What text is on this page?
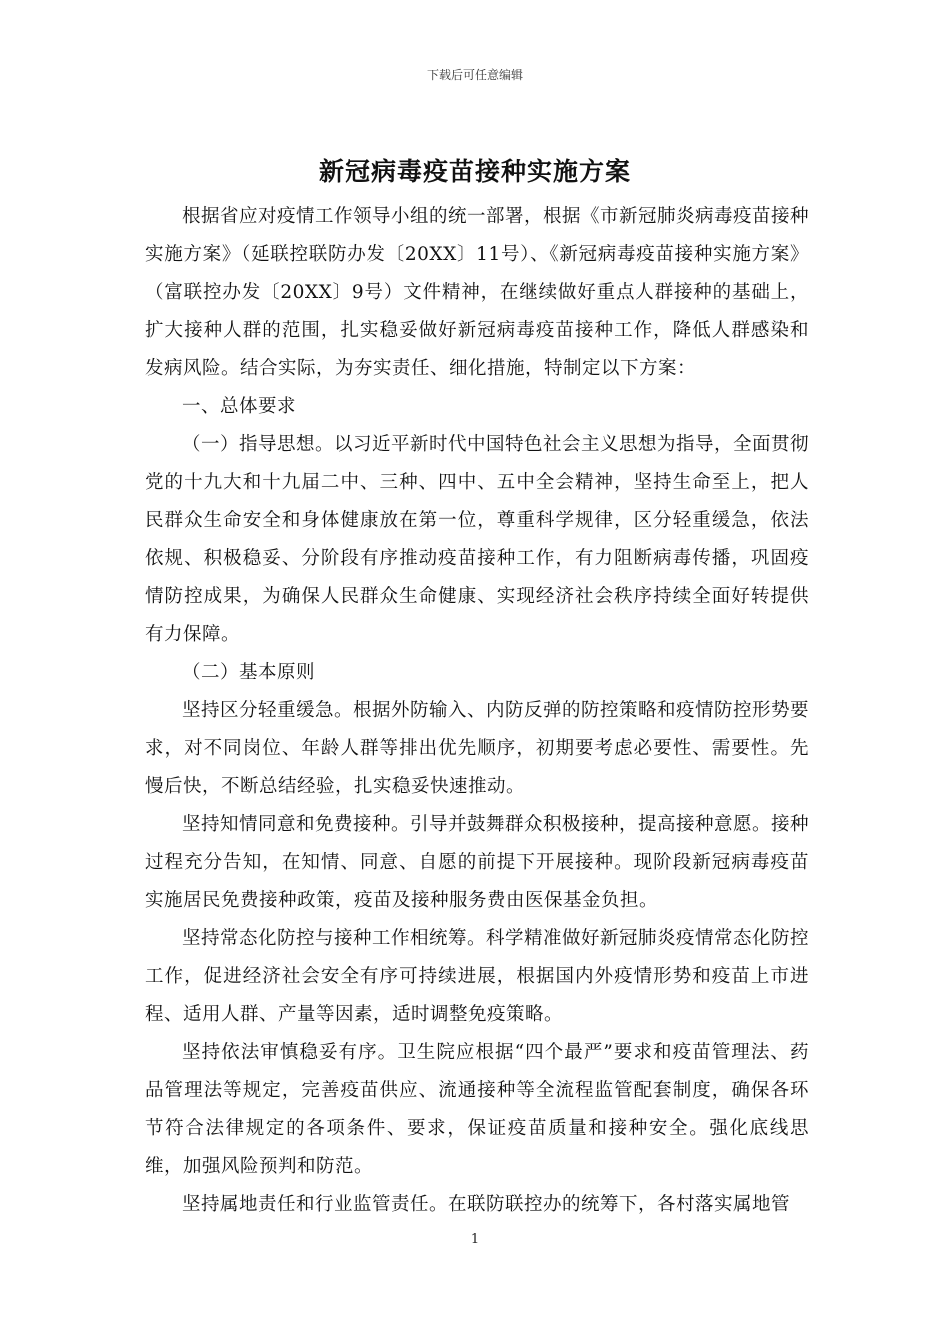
下载后可任意编辑
新冠病毒疫苗接种实施方案

根据省应对疫情工作领导小组的统一部署，根据《市新冠肺炎病毒疫苗接种实施方案》（延联控联防办发〔20XX〕11号）、《新冠病毒疫苗接种实施方案》（富联控办发〔20XX〕9号）文件精神，在继续做好重点人群接种的基础上，扩大接种人群的范围，扎实稳妥做好新冠病毒疫苗接种工作，降低人群感染和发病风险。结合实际，为夯实责任、细化措施，特制定以下方案：

一、总体要求

（一）指导思想。以习近平新时代中国特色社会主义思想为指导，全面贯彻党的十九大和十九届二中、三种、四中、五中全会精神，坚持生命至上，把人民群众生命安全和身体健康放在第一位，尊重科学规律，区分轻重缓急，依法依规、积极稳妥、分阶段有序推动疫苗接种工作，有力阻断病毒传播，巩固疫情防控成果，为确保人民群众生命健康、实现经济社会秩序持续全面好转提供有力保障。

（二）基本原则

坚持区分轻重缓急。根据外防输入、内防反弹的防控策略和疫情防控形势要求，对不同岗位、年龄人群等排出优先顺序，初期要考虑必要性、需要性。先慢后快，不断总结经验，扎实稳妥快速推动。

坚持知情同意和免费接种。引导并鼓舞群众积极接种，提高接种意愿。接种过程充分告知，在知情、同意、自愿的前提下开展接种。现阶段新冠病毒疫苗实施居民免费接种政策，疫苗及接种服务费由医保基金负担。

坚持常态化防控与接种工作相统筹。科学精准做好新冠肺炎疫情常态化防控工作，促进经济社会安全有序可持续进展，根据国内外疫情形势和疫苗上市进程、适用人群、产量等因素，适时调整免疫策略。

坚持依法审慎稳妥有序。卫生院应根据“四个最严”要求和疫苗管理法、药品管理法等规定，完善疫苗供应、流通接种等全流程监管配套制度，确保各环节符合法律规定的各项条件、要求，保证疫苗质量和接种安全。强化底线思维，加强风险预判和防范。

坚持属地责任和行业监管责任。在联防联控办的统筹下，各村落实属地管

1
